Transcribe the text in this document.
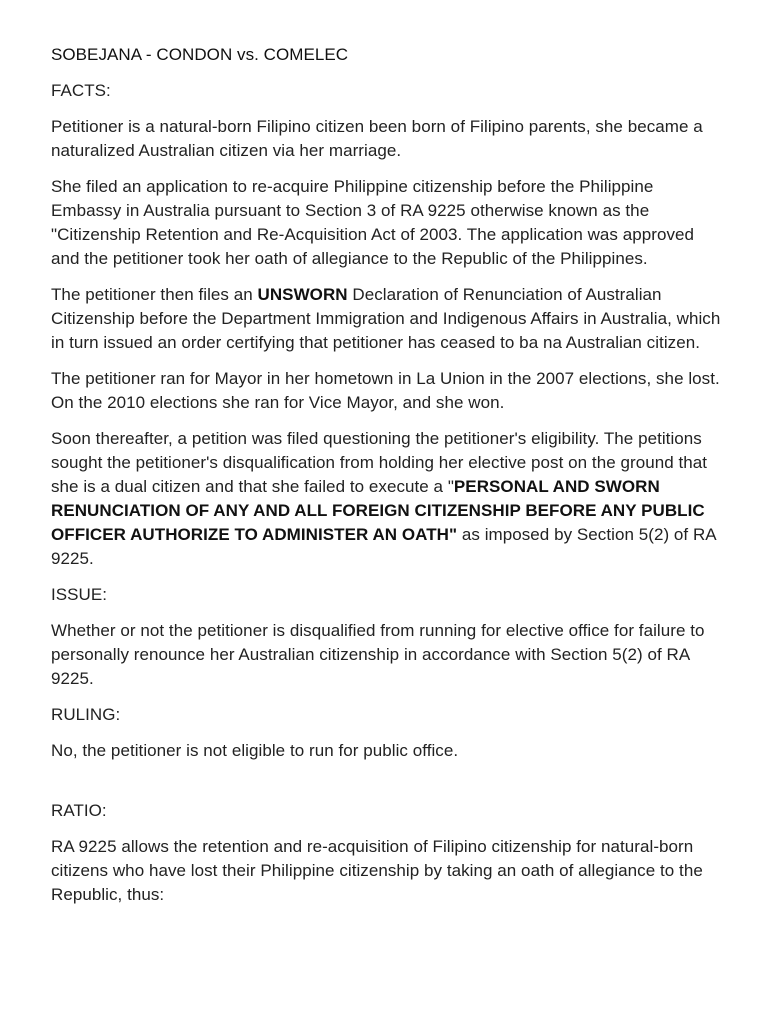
SOBEJANA - CONDON vs. COMELEC

FACTS:

Petitioner is a natural-born Filipino citizen been born of Filipino parents, she became a naturalized Australian citizen via her marriage.

She filed an application to re-acquire Philippine citizenship before the Philippine Embassy in Australia pursuant to Section 3 of RA 9225 otherwise known as the "Citizenship Retention and Re-Acquisition Act of 2003. The application was approved and the petitioner took her oath of allegiance to the Republic of the Philippines.

The petitioner then files an UNSWORN Declaration of Renunciation of Australian Citizenship before the Department Immigration and Indigenous Affairs in Australia, which in turn issued an order certifying that petitioner has ceased to ba na Australian citizen.

The petitioner ran for Mayor in her hometown in La Union in the 2007 elections, she lost. On the 2010 elections she ran for Vice Mayor, and she won.

Soon thereafter, a petition was filed questioning the petitioner's eligibility. The petitions sought the petitioner's disqualification from holding her elective post on the ground that she is a dual citizen and that she failed to execute a "PERSONAL AND SWORN RENUNCIATION OF ANY AND ALL FOREIGN CITIZENSHIP BEFORE ANY PUBLIC OFFICER AUTHORIZE TO ADMINISTER AN OATH" as imposed by Section 5(2) of RA 9225.

ISSUE:

Whether or not the petitioner is disqualified from running for elective office for failure to personally renounce her Australian citizenship in accordance with Section 5(2) of RA 9225.

RULING:

No, the petitioner is not eligible to run for public office.

RATIO:

RA 9225 allows the retention and re-acquisition of Filipino citizenship for natural-born citizens who have lost their Philippine citizenship by taking an oath of allegiance to the Republic, thus:
